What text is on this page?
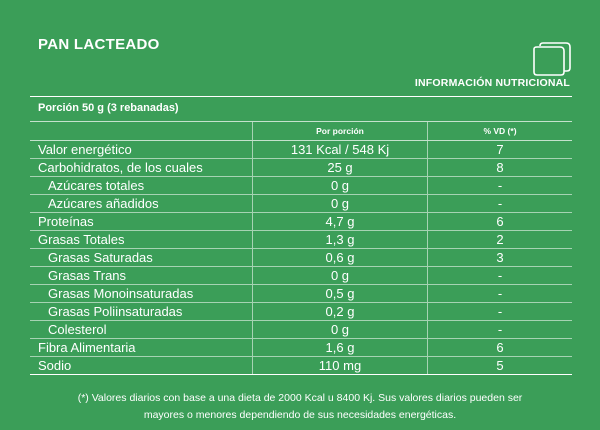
PAN LACTEADO
INFORMACIÓN NUTRICIONAL
Porción 50 g (3 rebanadas)
	Por porción	% VD (*)
Valor energético	131 Kcal / 548 Kj	7
Carbohidratos, de los cuales	25 g	8
Azúcares totales	0 g	-
Azúcares añadidos	0 g	-
Proteínas	4,7 g	6
Grasas Totales	1,3 g	2
Grasas Saturadas	0,6 g	3
Grasas Trans	0 g	-
Grasas Monoinsaturadas	0,5 g	-
Grasas Poliinsaturadas	0,2 g	-
Colesterol	0 g	-
Fibra Alimentaria	1,6 g	6
Sodio	110 mg	5
(*) Valores diarios con base a una dieta de 2000 Kcal u 8400 Kj. Sus valores diarios pueden ser
mayores o menores dependiendo de sus necesidades energéticas.
